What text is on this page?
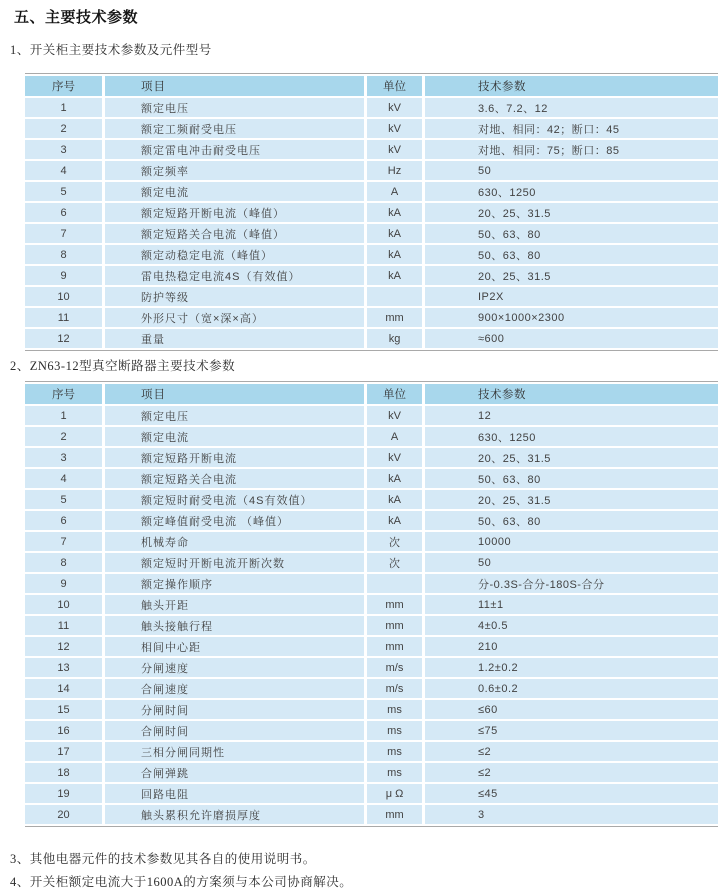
五、主要技术参数
1、开关柜主要技术参数及元件型号
序号	项目	单位	技术参数
1	额定电压	kV	3.6、7.2、12
2	额定工频耐受电压	kV	对地、相同：42；断口：45
3	额定雷电冲击耐受电压	kV	对地、相同：75；断口：85
4	额定频率	Hz	50
5	额定电流	A	630、1250
6	额定短路开断电流（峰值）	kA	20、25、31.5
7	额定短路关合电流（峰值）	kA	50、63、80
8	额定动稳定电流（峰值）	kA	50、63、80
9	雷电热稳定电流4S（有效值）	kA	20、25、31.5
10	防护等级		IP2X
11	外形尺寸（宽×深×高）	mm	900×1000×2300
12	重量	kg	≈600
2、ZN63-12型真空断路器主要技术参数
序号	项目	单位	技术参数
1	额定电压	kV	12
2	额定电流	A	630、1250
3	额定短路开断电流	kV	20、25、31.5
4	额定短路关合电流	kA	50、63、80
5	额定短时耐受电流（4S有效值）	kA	20、25、31.5
6	额定峰值耐受电流 （峰值）	kA	50、63、80
7	机械寿命	次	10000
8	额定短时开断电流开断次数	次	50
9	额定操作顺序		分-0.3S-合分-180S-合分
10	触头开距	mm	11±1
11	触头接触行程	mm	4±0.5
12	相间中心距	mm	210
13	分闸速度	m/s	1.2±0.2
14	合闸速度	m/s	0.6±0.2
15	分闸时间	ms	≤60
16	合闸时间	ms	≤75
17	三相分闸同期性	ms	≤2
18	合闸弹跳	ms	≤2
19	回路电阻	μ Ω	≤45
20	触头累积允许磨损厚度	mm	3
3、其他电器元件的技术参数见其各自的使用说明书。
4、开关柜额定电流大于1600A的方案须与本公司协商解决。
